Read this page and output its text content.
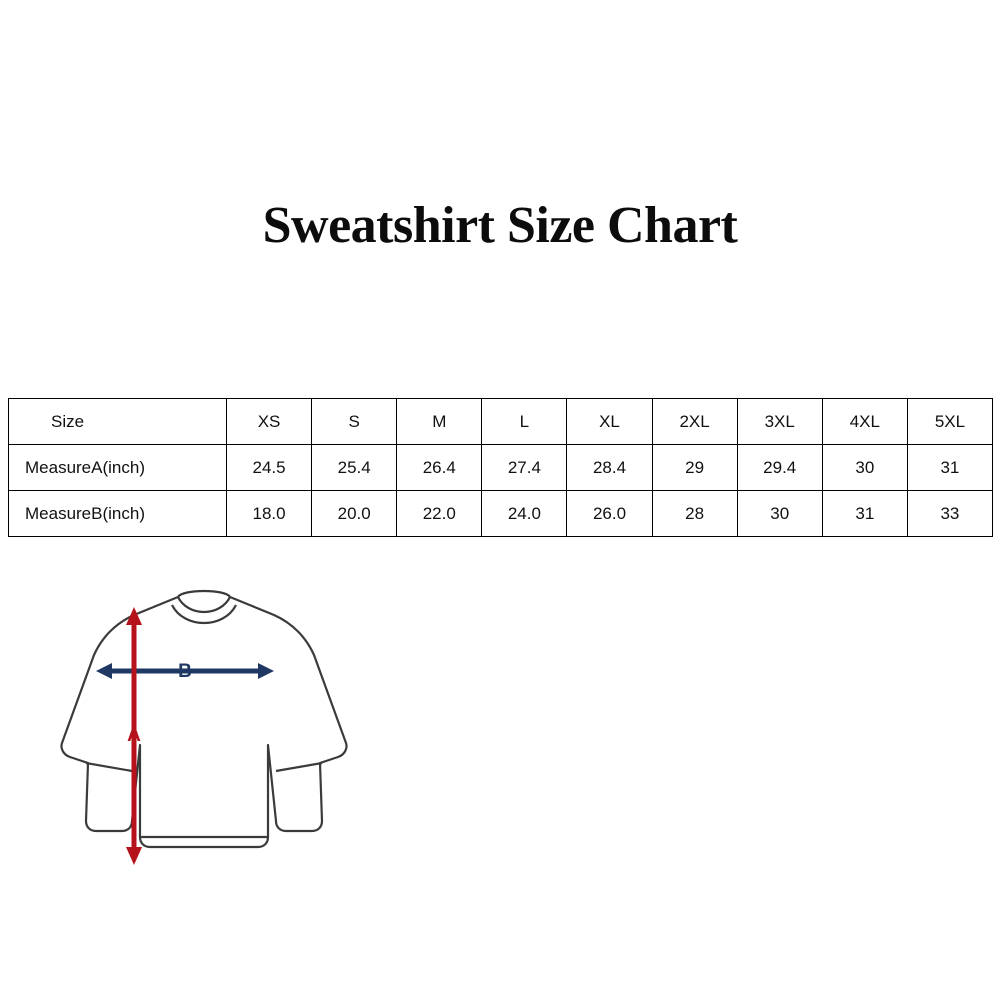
Sweatshirt Size Chart
Size	XS	S	M	L	XL	2XL	3XL	4XL	5XL
MeasureA(inch)	24.5	25.4	26.4	27.4	28.4	29	29.4	30	31
MeasureB(inch)	18.0	20.0	22.0	24.0	26.0	28	30	31	33
B
A
